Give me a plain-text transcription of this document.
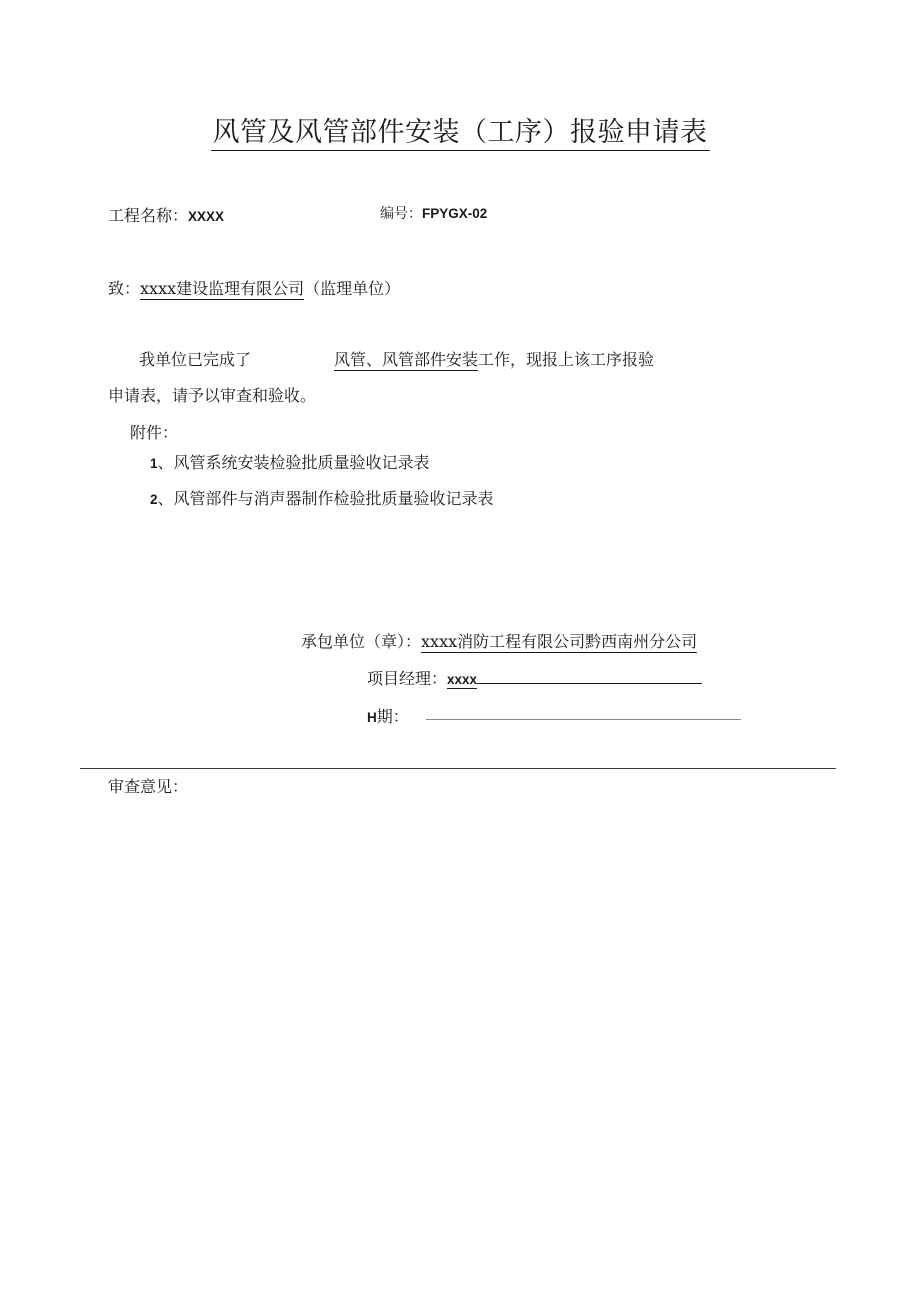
风管及风管部件安装（工序）报验申请表
工程名称：XXXX	编号：FPYGX-02
致：xxxx建设监理有限公司（监理单位）
我单位已完成了	风管、风管部件安装工作，现报上该工序报验
申请表，请予以审查和验收。
附件：
1、风管系统安装检验批质量验收记录表
2、风管部件与消声器制作检验批质量验收记录表
承包单位（章）：xxxx消防工程有限公司黔西南州分公司
项目经理：xxxx
H期：
审查意见：
